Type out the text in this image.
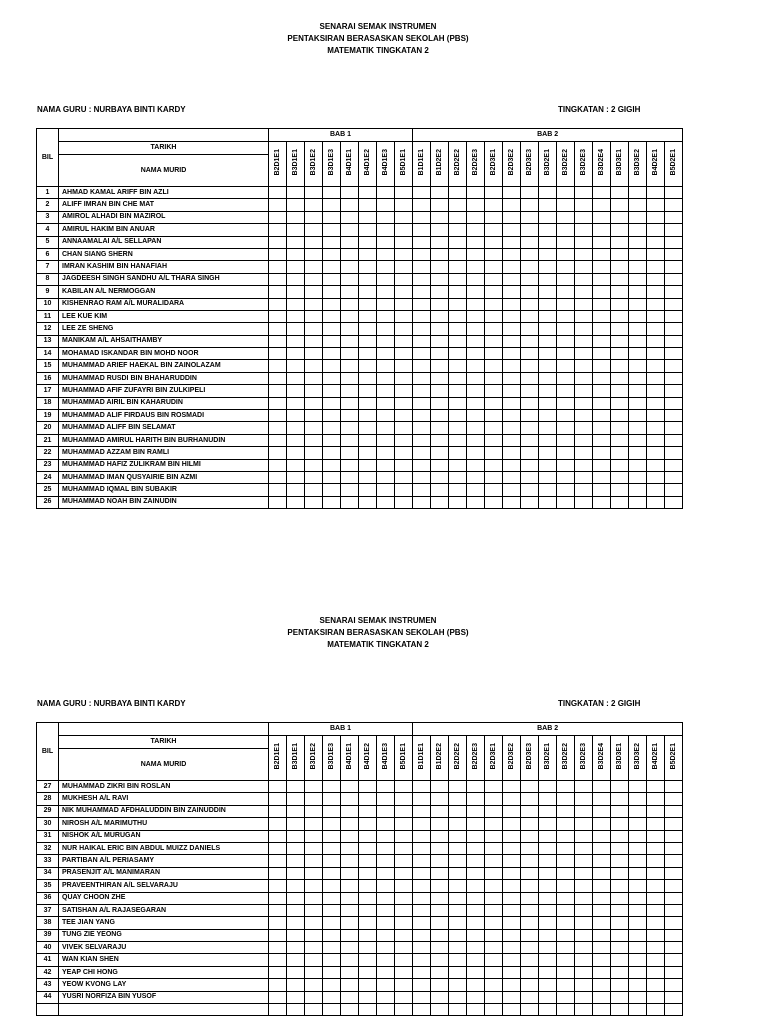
SENARAI SEMAK INSTRUMEN
PENTAKSIRAN BERASASKAN SEKOLAH (PBS)
MATEMATIK TINGKATAN 2
NAMA GURU : NURBAYA BINTI KARDY	TINGKATAN : 2 GIGIH
BIL		BAB 1								BAB 2														
	TARIKH	B2D1E1	B3D1E1	B3D1E2	B3D1E3	B4D1E1	B4D1E2	B4D1E3	B5D1E1	B1D1E1	B1D2E2	B2D2E2	B2D2E3	B2D3E1	B2D3E2	B2D3E3	B3D2E1	B3D2E2	B3D2E3	B3D2E4	B3D3E1	B3D3E2	B4D2E1	B5D2E1
	NAMA MURID																							
1	AHMAD KAMAL ARIFF BIN AZLI																							
2	ALIFF IMRAN BIN CHE MAT																							
3	AMIROL ALHADI BIN MAZIROL																							
4	AMIRUL HAKIM BIN ANUAR																							
5	ANNAAMALAI A/L SELLAPAN																							
6	CHAN SIANG SHERN																							
7	IMRAN KASHIM BIN HANAFIAH																							
8	JAGDEESH SINGH SANDHU A/L THARA SINGH																							
9	KABILAN A/L NERMOGGAN																							
10	KISHENRAO RAM A/L MURALIDARA																							
11	LEE KUE KIM																							
12	LEE ZE SHENG																							
13	MANIKAM A/L AHSAITHAMBY																							
14	MOHAMAD ISKANDAR BIN MOHD NOOR																							
15	MUHAMMAD ARIEF HAEKAL BIN ZAINOLAZAM																							
16	MUHAMMAD RUSDI BIN BHAHARUDDIN																							
17	MUHAMMAD AFIF ZUFAYRI BIN ZULKIPELI																							
18	MUHAMMAD AIRIL BIN KAHARUDIN																							
19	MUHAMMAD ALIF FIRDAUS BIN ROSMADI																							
20	MUHAMMAD ALIFF BIN SELAMAT																							
21	MUHAMMAD AMIRUL HARITH BIN BURHANUDIN																							
22	MUHAMMAD AZZAM BIN RAMLI																							
23	MUHAMMAD HAFIZ ZULIKRAM BIN HILMI																							
24	MUHAMMAD IMAN QUSYAIRIE BIN AZMI																							
25	MUHAMMAD IQMAL BIN SUBAKIR																							
26	MUHAMMAD NOAH BIN ZAINUDIN																							
SENARAI SEMAK INSTRUMEN
PENTAKSIRAN BERASASKAN SEKOLAH (PBS)
MATEMATIK TINGKATAN 2
NAMA GURU : NURBAYA BINTI KARDY	TINGKATAN : 2 GIGIH
BIL		BAB 1								BAB 2														
	TARIKH	B2D1E1	B3D1E1	B3D1E2	B3D1E3	B4D1E1	B4D1E2	B4D1E3	B5D1E1	B1D1E1	B1D2E2	B2D2E2	B2D2E3	B2D3E1	B2D3E2	B2D3E3	B3D2E1	B3D2E2	B3D2E3	B3D2E4	B3D3E1	B3D3E2	B4D2E1	B5D2E1
	NAMA MURID																							
27	MUHAMMAD ZIKRI BIN ROSLAN																							
28	MUKHESH A/L RAVI																							
29	NIK MUHAMMAD AFDHALUDDIN BIN ZAINUDDIN																							
30	NIROSH A/L MARIMUTHU																							
31	NISHOK A/L MURUGAN																							
32	NUR HAIKAL ERIC BIN ABDUL MUIZZ DANIELS																							
33	PARTIBAN A/L PERIASAMY																							
34	PRASENJIT A/L MANIMARAN																							
35	PRAVEENTHIRAN A/L SELVARAJU																							
36	QUAY CHOON ZHE																							
37	SATISHAN A/L RAJASEGARAN																							
38	TEE JIAN YANG																							
39	TUNG ZIE YEONG																							
40	VIVEK SELVARAJU																							
41	WAN KIAN SHEN																							
42	YEAP CHI HONG																							
43	YEOW KVONG LAY																							
44	YUSRI NORFIZA BIN YUSOF																							
